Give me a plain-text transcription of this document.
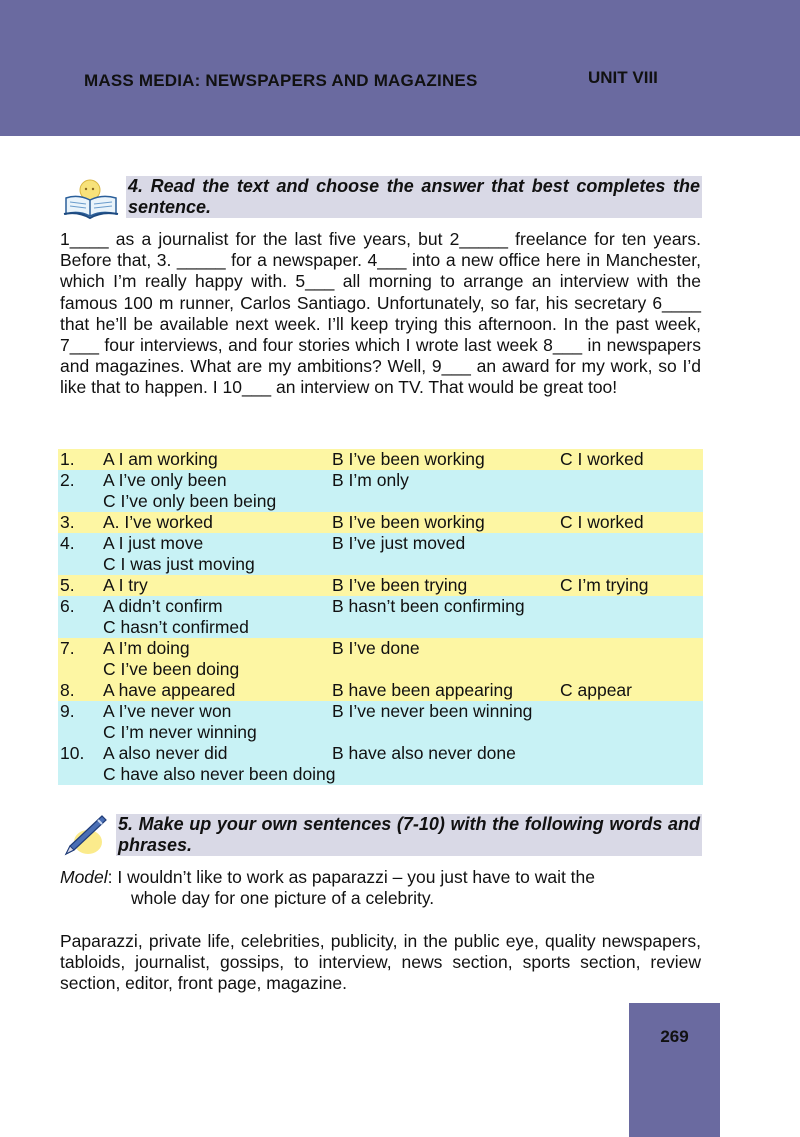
MASS MEDIA: NEWSPAPERS AND MAGAZINES	UNIT VIII
4. Read the text and choose the answer that best completes the sentence.
1____ as a journalist for the last five years, but 2_____ freelance for ten years. Before that, 3. _____ for a newspaper. 4___ into a new office here in Manchester, which I’m really happy with. 5___ all morning to arrange an interview with the famous 100 m runner, Carlos Santiago. Unfortunately, so far, his secretary 6____ that he’ll be available next week. I’ll keep trying this afternoon. In the past week, 7___ four interviews, and four stories which I wrote last week 8___ in newspapers and magazines. What are my ambitions? Well, 9___ an award for my work, so I’d like that to happen. I 10___ an interview on TV. That would be great too!
1. A I am working	B I’ve been working	C I worked
2. A I’ve only been	B I’m only
C I’ve only been being
3. A. I’ve worked	B I’ve been working	C I worked
4. A I just move	B I’ve just moved
C I was just moving
5. A I try	B I’ve been trying	C I’m trying
6. A didn’t confirm	B hasn’t been confirming
C hasn’t confirmed
7. A I’m doing	B I’ve done
C I’ve been doing
8. A have appeared	B have been appearing	C appear
9. A I’ve never won	B I’ve never been winning
C I’m never winning
10. A also never did	B have also never done
C have also never been doing
5. Make up your own sentences (7-10) with the following words and phrases.
Model: I wouldn’t like to work as paparazzi – you just have to wait the
whole day for one picture of a celebrity.
Paparazzi, private life, celebrities, publicity, in the public eye, quality newspapers, tabloids, journalist, gossips, to interview, news section, sports section, review section, editor, front page, magazine.
269
